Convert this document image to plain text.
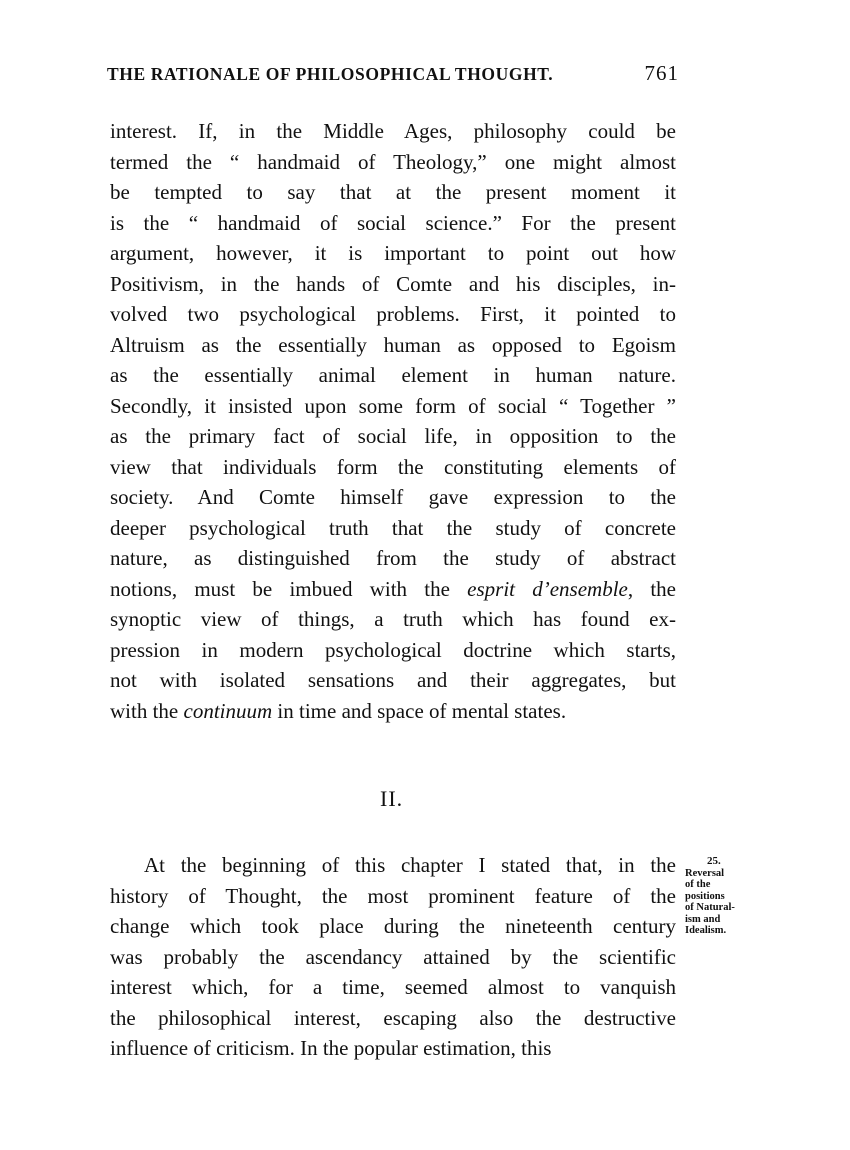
THE RATIONALE OF PHILOSOPHICAL THOUGHT.	761
interest. If, in the Middle Ages, philosophy could be
termed the “ handmaid of Theology,” one might almost
be tempted to say that at the present moment it
is the “ handmaid of social science.” For the present
argument, however, it is important to point out how
Positivism, in the hands of Comte and his disciples, in-
volved two psychological problems. First, it pointed to
Altruism as the essentially human as opposed to Egoism
as the essentially animal element in human nature.
Secondly, it insisted upon some form of social “ Together ”
as the primary fact of social life, in opposition to the
view that individuals form the constituting elements of
society. And Comte himself gave expression to the
deeper psychological truth that the study of concrete
nature, as distinguished from the study of abstract
notions, must be imbued with the esprit d’ensemble, the
synoptic view of things, a truth which has found ex-
pression in modern psychological doctrine which starts,
not with isolated sensations and their aggregates, but
with the continuum in time and space of mental states.
II.
At the beginning of this chapter I stated that, in the
history of Thought, the most prominent feature of the
change which took place during the nineteenth century
was probably the ascendancy attained by the scientific
interest which, for a time, seemed almost to vanquish
the philosophical interest, escaping also the destructive
influence of criticism. In the popular estimation, this
25.
Reversal
of the
positions
of Natural-
ism and
Idealism.
